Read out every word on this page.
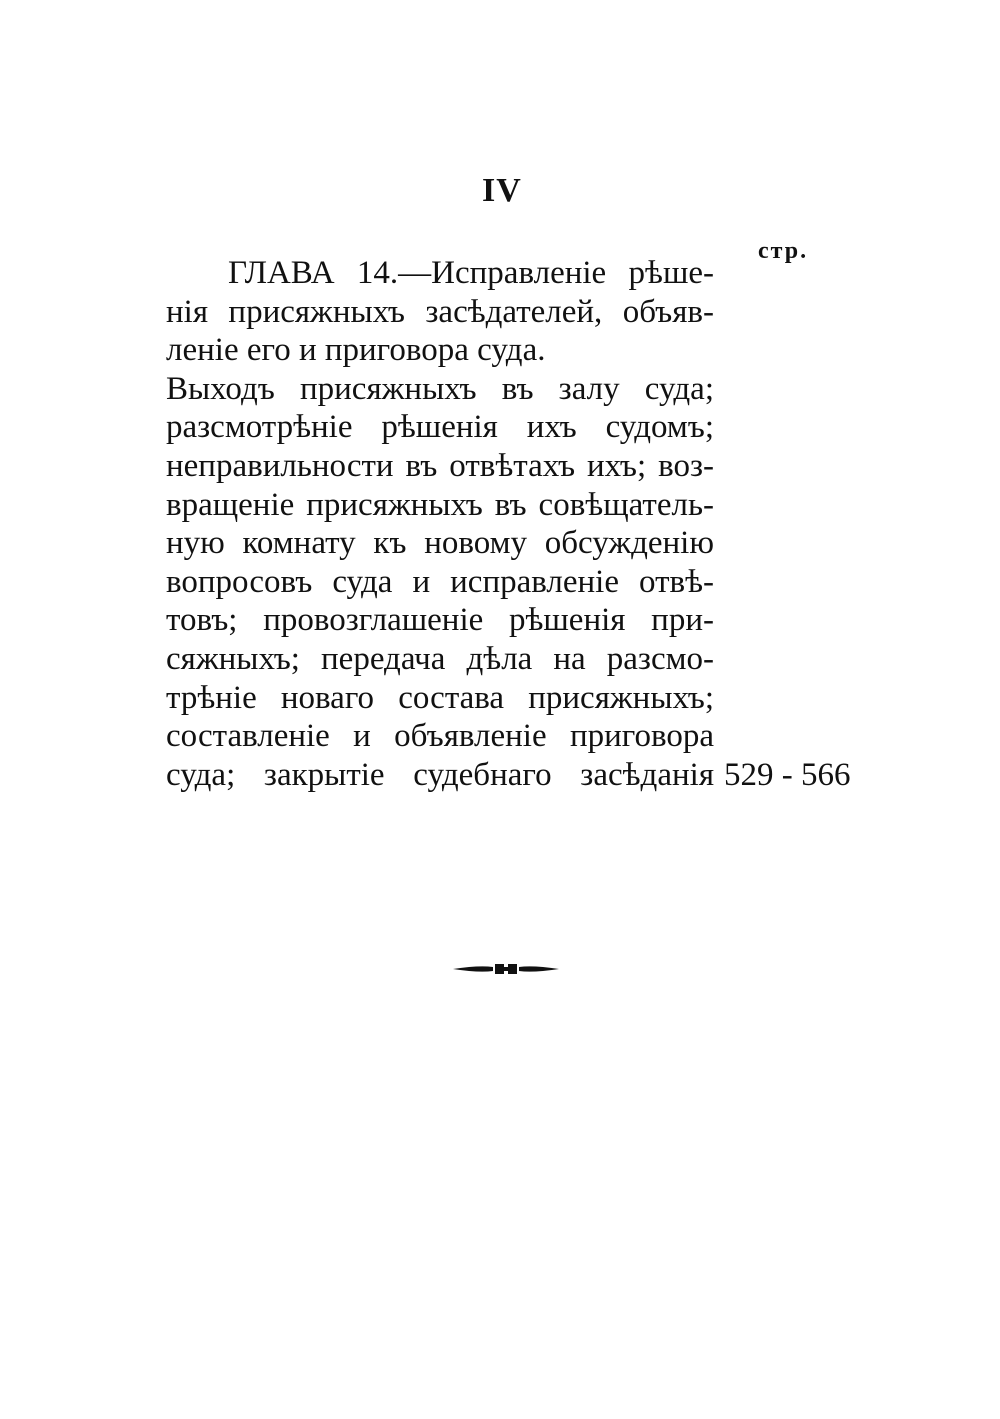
IV
стр.
ГЛАВА 14.—Исправленіе рѣше-
нія присяжныхъ засѣдателей, объяв-
леніе его и приговора суда.
Выходъ присяжныхъ въ залу суда;
разсмотрѣніе рѣшенія ихъ судомъ;
неправильности въ отвѣтахъ ихъ; воз-
вращеніе присяжныхъ въ совѣщатель-
ную комнату къ новому обсужденію
вопросовъ суда и исправленіе отвѣ-
товъ; провозглашеніе рѣшенія при-
сяжныхъ; передача дѣла на разсмо-
трѣніе новаго состава присяжныхъ;
составленіе и объявленіе приговора
суда; закрытіе судебнаго засѣданія 529 - 566
